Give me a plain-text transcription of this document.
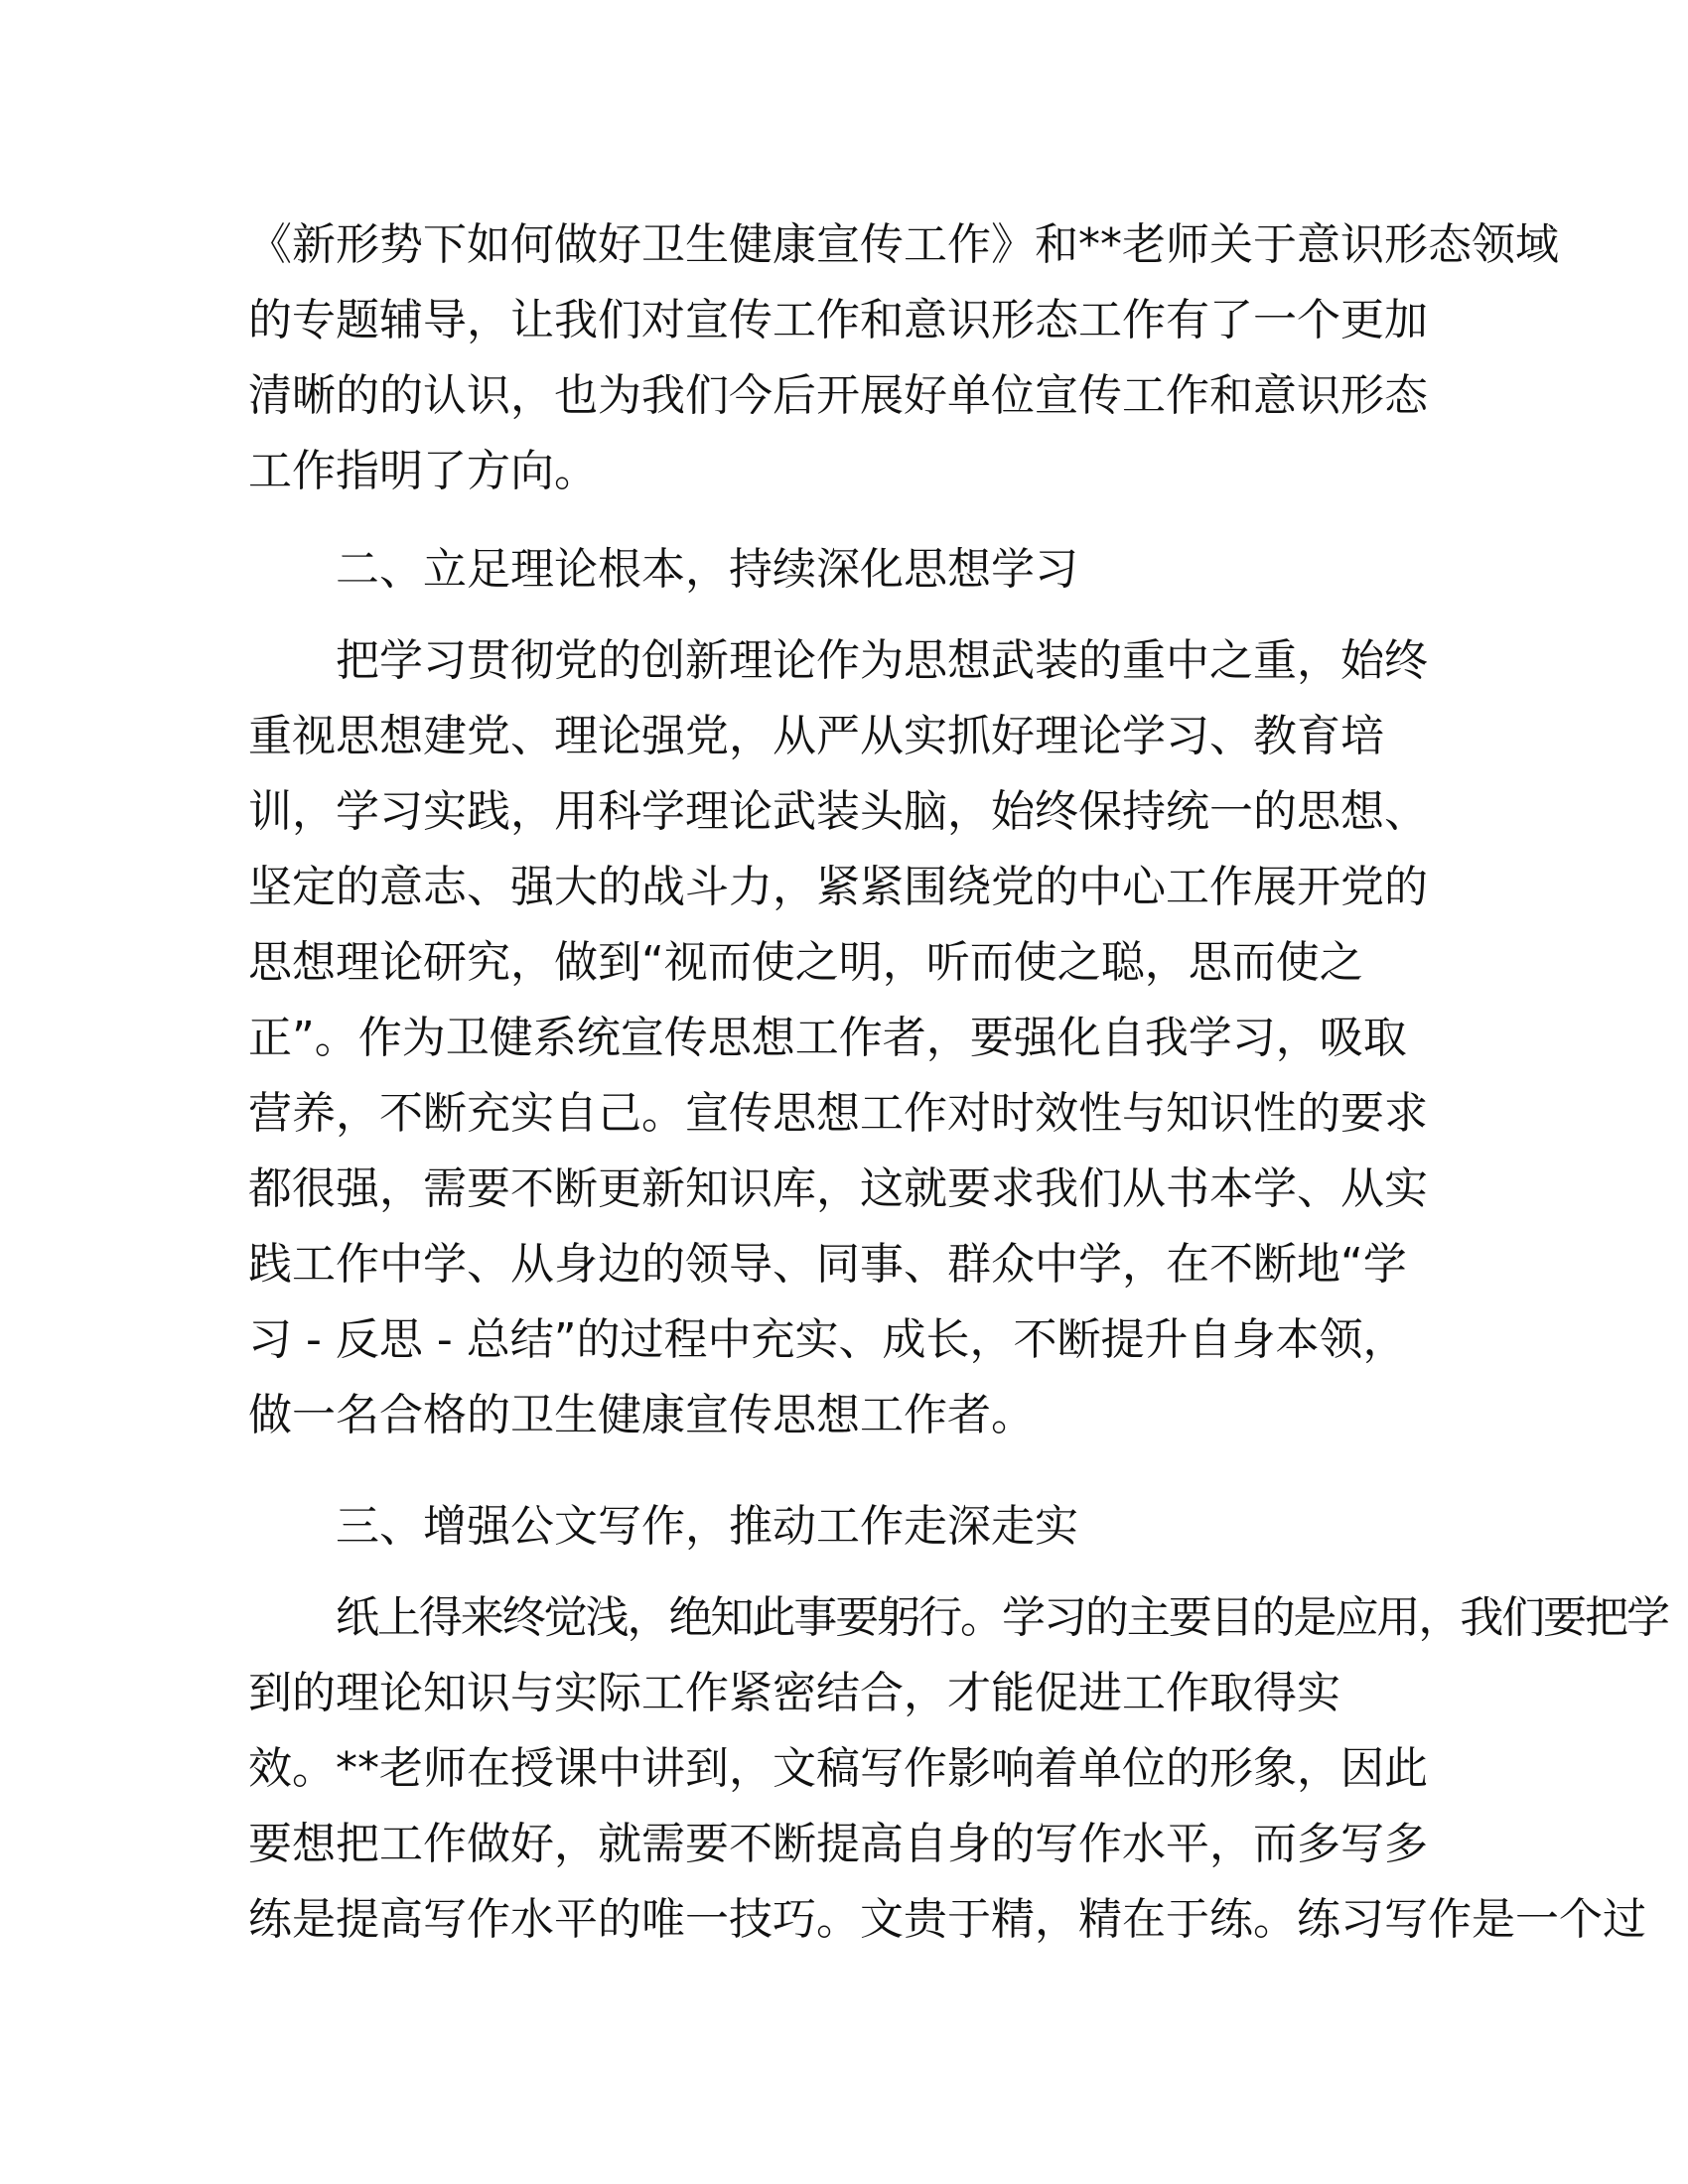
《新形势下如何做好卫生健康宣传工作》和**老师关于意识形态领域
的专题辅导，让我们对宣传工作和意识形态工作有了一个更加
清晰的的认识，也为我们今后开展好单位宣传工作和意识形态
工作指明了方向。
二、立足理论根本，持续深化思想学习
把学习贯彻党的创新理论作为思想武装的重中之重，始终
重视思想建党、理论强党，从严从实抓好理论学习、教育培
训，学习实践，用科学理论武装头脑，始终保持统一的思想、
坚定的意志、强大的战斗力，紧紧围绕党的中心工作展开党的
思想理论研究，做到“视而使之明，听而使之聪，思而使之
正”。作为卫健系统宣传思想工作者，要强化自我学习，吸取
营养，不断充实自己。宣传思想工作对时效性与知识性的要求
都很强，需要不断更新知识库，这就要求我们从书本学、从实
践工作中学、从身边的领导、同事、群众中学，在不断地“学
习 - 反思 - 总结”的过程中充实、成长，不断提升自身本领，
做一名合格的卫生健康宣传思想工作者。
三、增强公文写作，推动工作走深走实
纸上得来终觉浅，绝知此事要躬行。学习的主要目的是应用，我们要把学
到的理论知识与实际工作紧密结合，才能促进工作取得实
效。**老师在授课中讲到，文稿写作影响着单位的形象，因此
要想把工作做好，就需要不断提高自身的写作水平，而多写多
练是提高写作水平的唯一技巧。文贵于精，精在于练。练习写作是一个过
